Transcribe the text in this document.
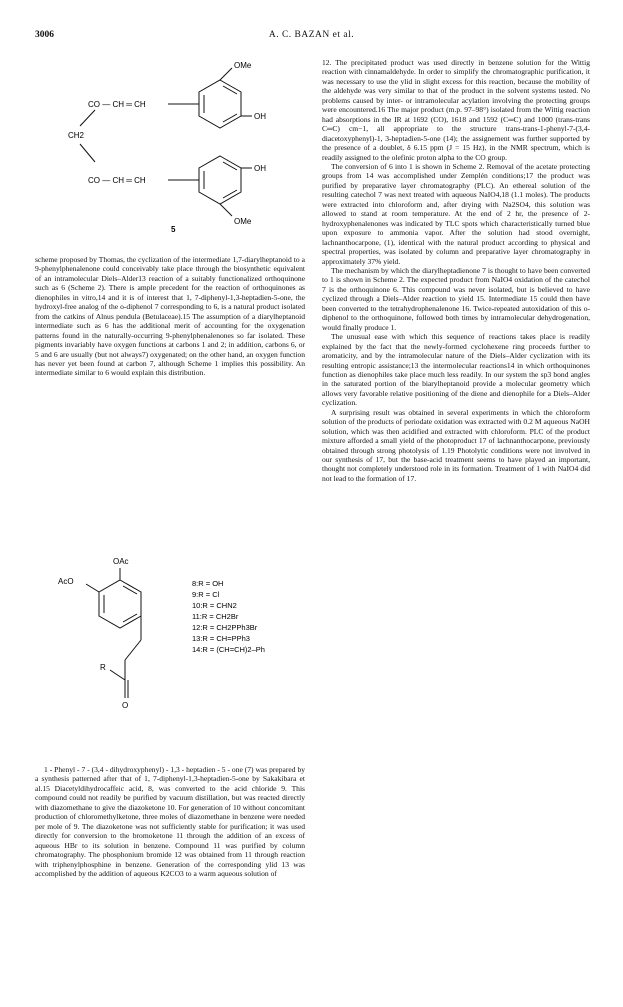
3006	A. C. BAZAN et al.
OMe
OH
CO — CH ═ CH
CH2
CO — CH ═ CH
OH
OMe
5

scheme proposed by Thomas, the cyclization of the intermediate 1,7-diarylheptanoid to a 9-phenylphenalenone could conceivably take place through the biosynthetic equivalent of an intramolecular Diels–Alder13 reaction of a suitably functionalized orthoquinone such as 6 (Scheme 2). There is ample precedent for the reaction of orthoquinones as dienophiles in vitro,14 and it is of interest that 1, 7-diphenyl-1,3-heptadien-5-one, the hydroxyl-free analog of the o-diphenol 7 corresponding to 6, is a natural product isolated from the catkins of Alnus pendula (Betulaceae).15 The assumption of a diarylheptanoid intermediate such as 6 has the additional merit of accounting for the oxygenation patterns found in the naturally-occurring 9-phenylphenalenones so far isolated. These pigments invariably have oxygen functions at carbons 1 and 2; in addition, carbons 6, or 5 and 6 are usually (but not always7) oxygenated; on the other hand, an oxygen function has never yet been found at carbon 7, although Scheme 1 implies this possibility. An intermediate similar to 6 would explain this distribution.

OAc
AcO
R
O
8:R = OH
9:R = Cl
10:R = CHN2
11:R = CH2Br
12:R = CH2PPh3Br
13:R = CH=PPh3
14:R = (CH=CH)2–Ph

1 - Phenyl - 7 - (3,4 - dihydroxyphenyl) - 1,3 - heptadien - 5 - one (7) was prepared by a synthesis patterned after that of 1, 7-diphenyl-1,3-heptadien-5-one by Sakakibara et al.15 Diacetyldihydrocaffeic acid, 8, was converted to the acid chloride 9. This compound could not readily be purified by vacuum distillation, but was reacted directly with diazomethane to give the diazoketone 10. For generation of 10 without concomitant production of chloromethylketone, three moles of diazomethane in benzene were needed per mole of 9. The diazoketone was not sufficiently stable for purification; it was used directly for conversion to the bromoketone 11 through the addition of an excess of aqueous HBr to its solution in benzene. Compound 11 was purified by column chromatography. The phosphonium bromide 12 was obtained from 11 through reaction with triphenylphosphine in benzene. Generation of the corresponding ylid 13 was accomplished by the addition of aqueous K2CO3 to a warm aqueous solution of

12. The precipitated product was used directly in benzene solution for the Wittig reaction with cinnamaldehyde. In order to simplify the chromatographic purification, it was necessary to use the ylid in slight excess for this reaction, because the mobility of the aldehyde was very similar to that of the product in the solvent systems tested. No problems caused by inter- or intramolecular acylation involving the protecting groups were encountered.16 The major product (m.p. 97–98°) isolated from the Wittig reaction had absorptions in the IR at 1692 (CO), 1618 and 1592 (C═C) and 1000 (trans-trans C═C) cm−1, all appropriate to the structure trans-trans-1-phenyl-7-(3,4-diacetoxyphenyl)-1, 3-heptadien-5-one (14); the assignement was further supported by the presence of a doublet, δ 6.15 ppm (J = 15 Hz), in the NMR spectrum, which is readily assigned to the olefinic proton alpha to the CO group.

The conversion of 6 into 1 is shown in Scheme 2. Removal of the acetate protecting groups from 14 was accomplished under Zemplén conditions;17 the product was purified by preparative layer chromatography (PLC). An ethereal solution of the resulting catechol 7 was next treated with aqueous NaIO4,18 (1.1 moles). The products were extracted into chloroform and, after drying with Na2SO4, this solution was allowed to stand at room temperature. At the end of 2 hr, the presence of 2-hydroxyphenalenones was indicated by TLC spots which characteristically turned blue upon exposure to ammonia vapor. After the solution had stood overnight, lachnanthocarpone, (1), identical with the natural product according to physical and spectral properties, was isolated by column and preparative layer chromatography in approximately 37% yield.

The mechanism by which the diarylheptadienone 7 is thought to have been converted to 1 is shown in Scheme 2. The expected product from NaIO4 oxidation of the catechol 7 is the orthoquinone 6. This compound was never isolated, but is believed to have cyclized through a Diels–Alder reaction to yield 15. Intermediate 15 could then have been converted to the tetrahydrophenalenone 16. Twice-repeated autoxidation of this o-diphenol to the orthoquinone, followed both times by intramolecular dehydrogenation, would finally produce 1.

The unusual ease with which this sequence of reactions takes place is readily explained by the fact that the newly-formed cyclohexene ring proceeds further to aromaticity, and by the intramolecular nature of the Diels–Alder cyclization with its resulting entropic assistance;13 the intermolecular reactions14 in which orthoquinones function as dienophiles take place much less readily. In our system the sp3 bond angles in the saturated portion of the biarylheptanoid provide a molecular geometry which allows very favorable relative positioning of the diene and dienophile for a Diels–Alder cyclization.

A surprising result was obtained in several experiments in which the chloroform solution of the products of periodate oxidation was extracted with 0.2 M aqueous NaOH solution, which was then acidified and extracted with chloroform. PLC of the product mixture afforded a small yield of the photoproduct 17 of lachnanthocarpone, previously obtained through strong photolysis of 1.19 Photolytic conditions were not involved in our synthesis of 17, but the base-acid treatment seems to have played an important, thought not completely understood role in its formation. Treatment of 1 with NaIO4 did not lead to the formation of 17.
